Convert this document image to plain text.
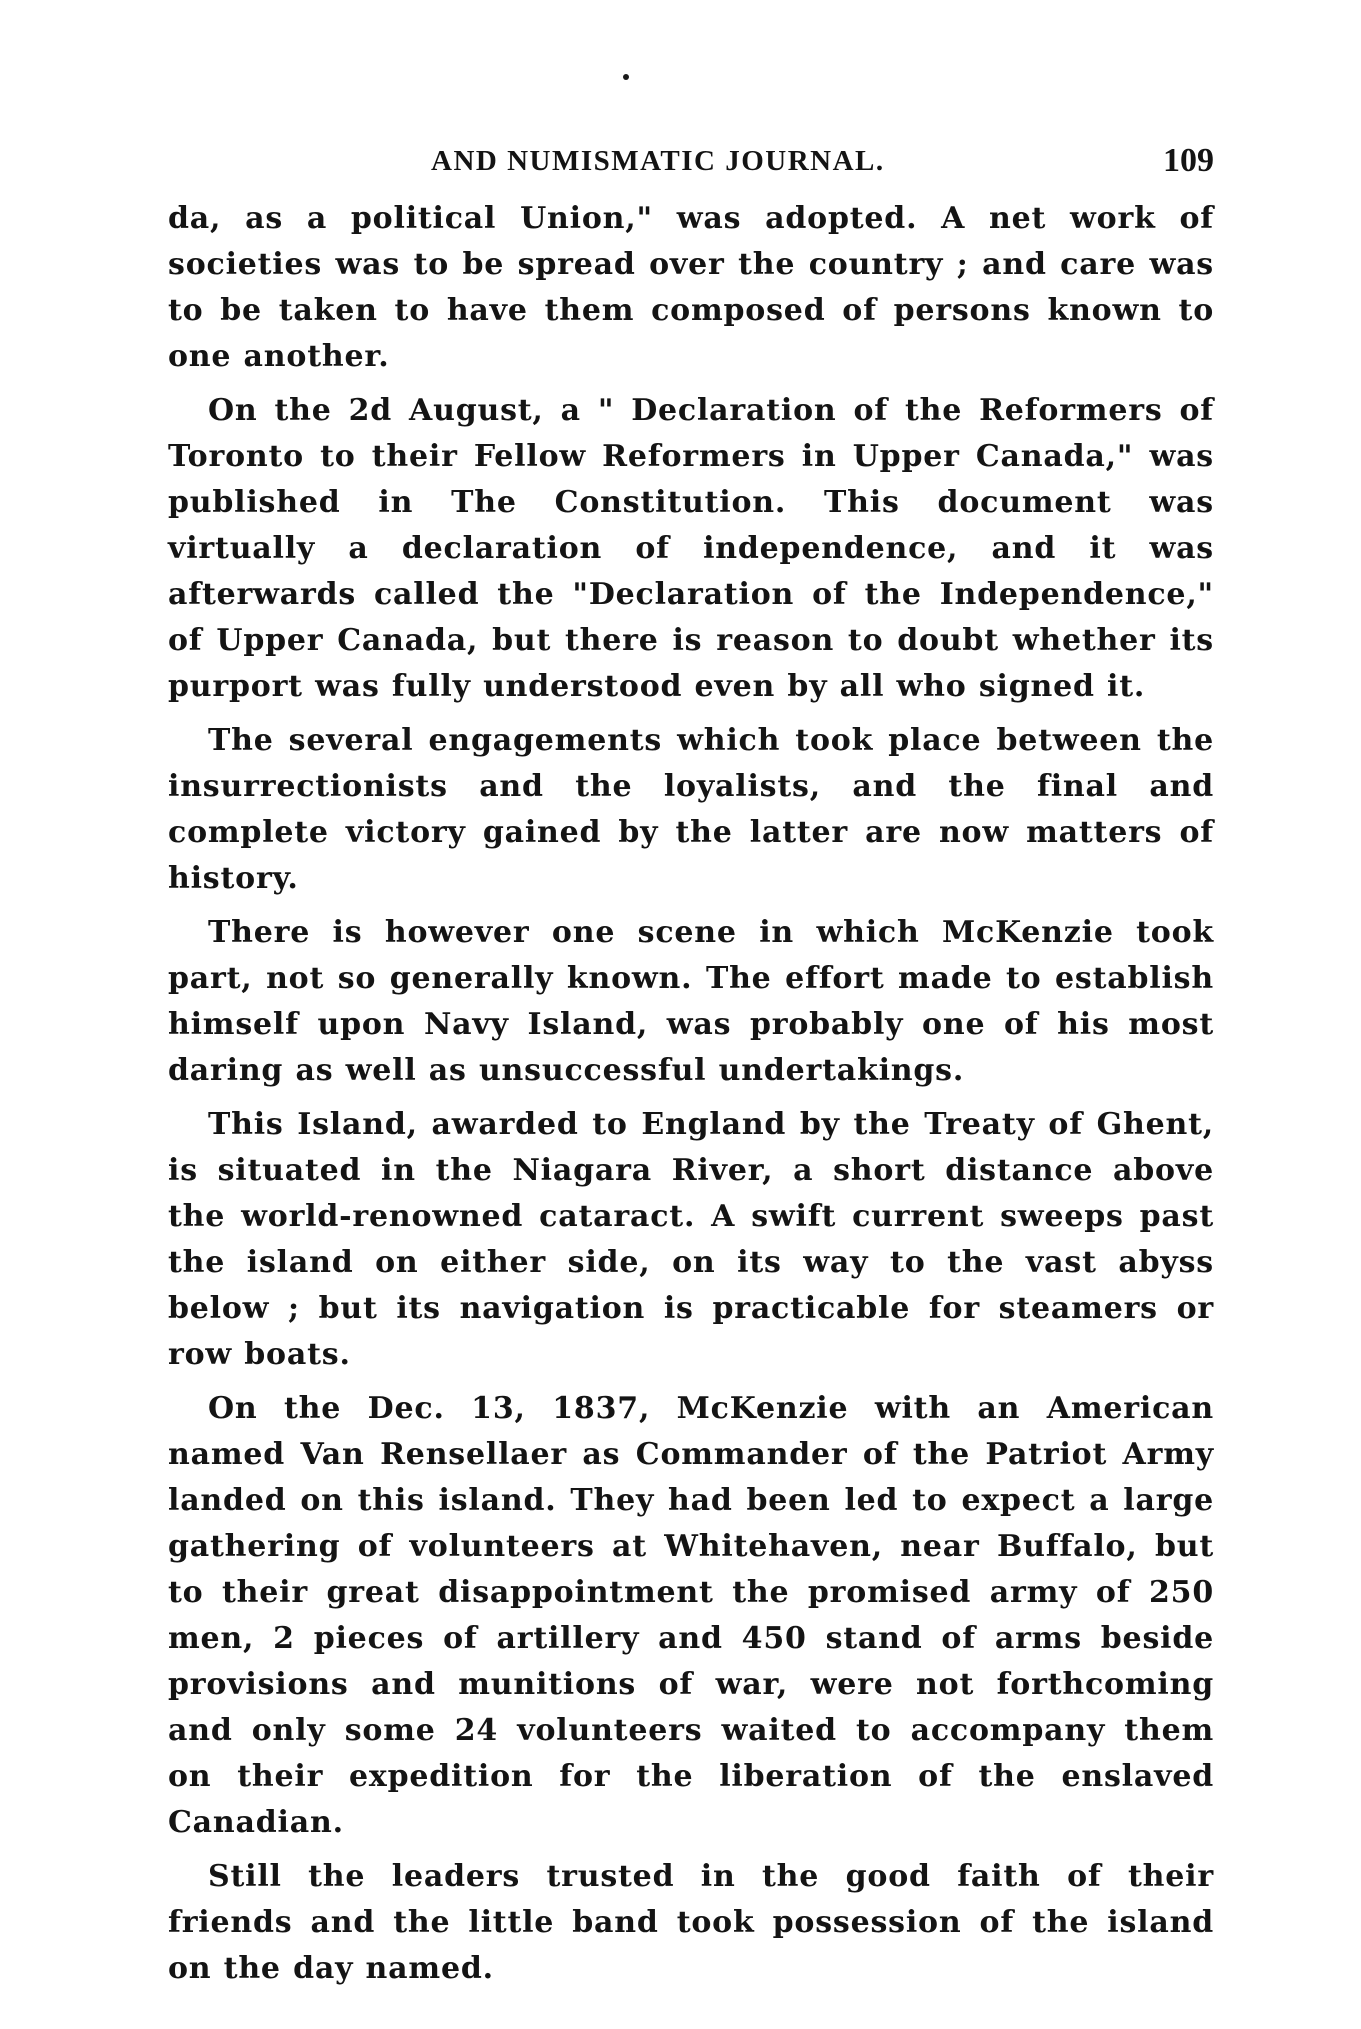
AND NUMISMATIC JOURNAL.	109

da, as a political Union," was adopted. A net work of societies was to be spread over the country ; and care was to be taken to have them composed of persons known to one another.

On the 2d August, a " Declaration of the Reformers of Toronto to their Fellow Reformers in Upper Canada," was published in The Constitution. This document was virtually a declaration of independence, and it was afterwards called the "Declaration of the Independence," of Upper Canada, but there is reason to doubt whether its purport was fully understood even by all who signed it.

The several engagements which took place between the insurrectionists and the loyalists, and the final and complete victory gained by the latter are now matters of history.

There is however one scene in which McKenzie took part, not so generally known. The effort made to establish himself upon Navy Island, was probably one of his most daring as well as unsuccessful undertakings.

This Island, awarded to England by the Treaty of Ghent, is situated in the Niagara River, a short distance above the world-renowned cataract. A swift current sweeps past the island on either side, on its way to the vast abyss below ; but its navigation is practicable for steamers or row boats.

On the Dec. 13, 1837, McKenzie with an American named Van Rensellaer as Commander of the Patriot Army landed on this island. They had been led to expect a large gathering of volunteers at Whitehaven, near Buffalo, but to their great disappointment the promised army of 250 men, 2 pieces of artillery and 450 stand of arms beside provisions and munitions of war, were not forthcoming and only some 24 volunteers waited to accompany them on their expedition for the liberation of the enslaved Canadian.

Still the leaders trusted in the good faith of their friends and the little band took possession of the island on the day named.
